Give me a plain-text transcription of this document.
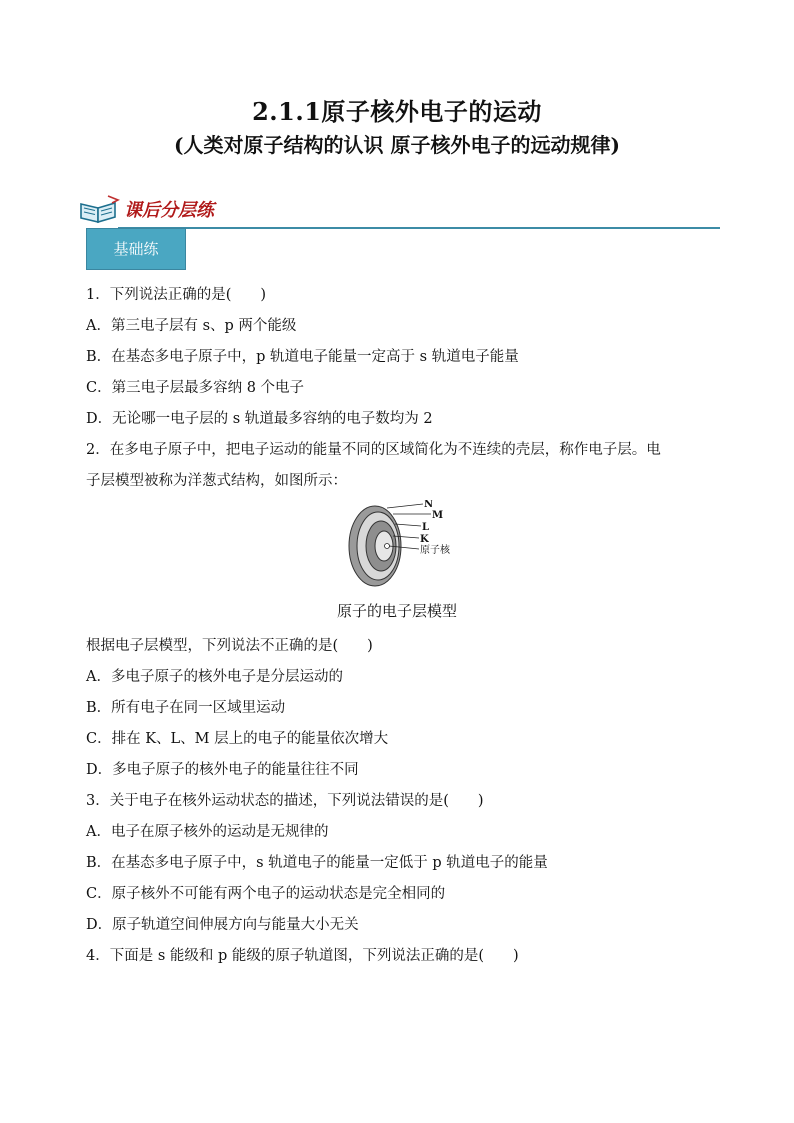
2.1.1原子核外电子的运动
(人类对原子结构的认识 原子核外电子的远动规律)
课后分层练
基础练
1．下列说法正确的是(　　)
A．第三电子层有 s、p 两个能级
B．在基态多电子原子中，p 轨道电子能量一定高于 s 轨道电子能量
C．第三电子层最多容纳 8 个电子
D．无论哪一电子层的 s 轨道最多容纳的电子数均为 2
2．在多电子原子中，把电子运动的能量不同的区域简化为不连续的壳层，称作电子层。电
子层模型被称为洋葱式结构，如图所示：
N
M
L
K
原子核
原子的电子层模型
根据电子层模型，下列说法不正确的是(　　)
A．多电子原子的核外电子是分层运动的
B．所有电子在同一区域里运动
C．排在 K、L、M 层上的电子的能量依次增大
D．多电子原子的核外电子的能量往往不同
3．关于电子在核外运动状态的描述，下列说法错误的是(　　)
A．电子在原子核外的运动是无规律的
B．在基态多电子原子中，s 轨道电子的能量一定低于 p 轨道电子的能量
C．原子核外不可能有两个电子的运动状态是完全相同的
D．原子轨道空间伸展方向与能量大小无关
4．下面是 s 能级和 p 能级的原子轨道图，下列说法正确的是(　　)
